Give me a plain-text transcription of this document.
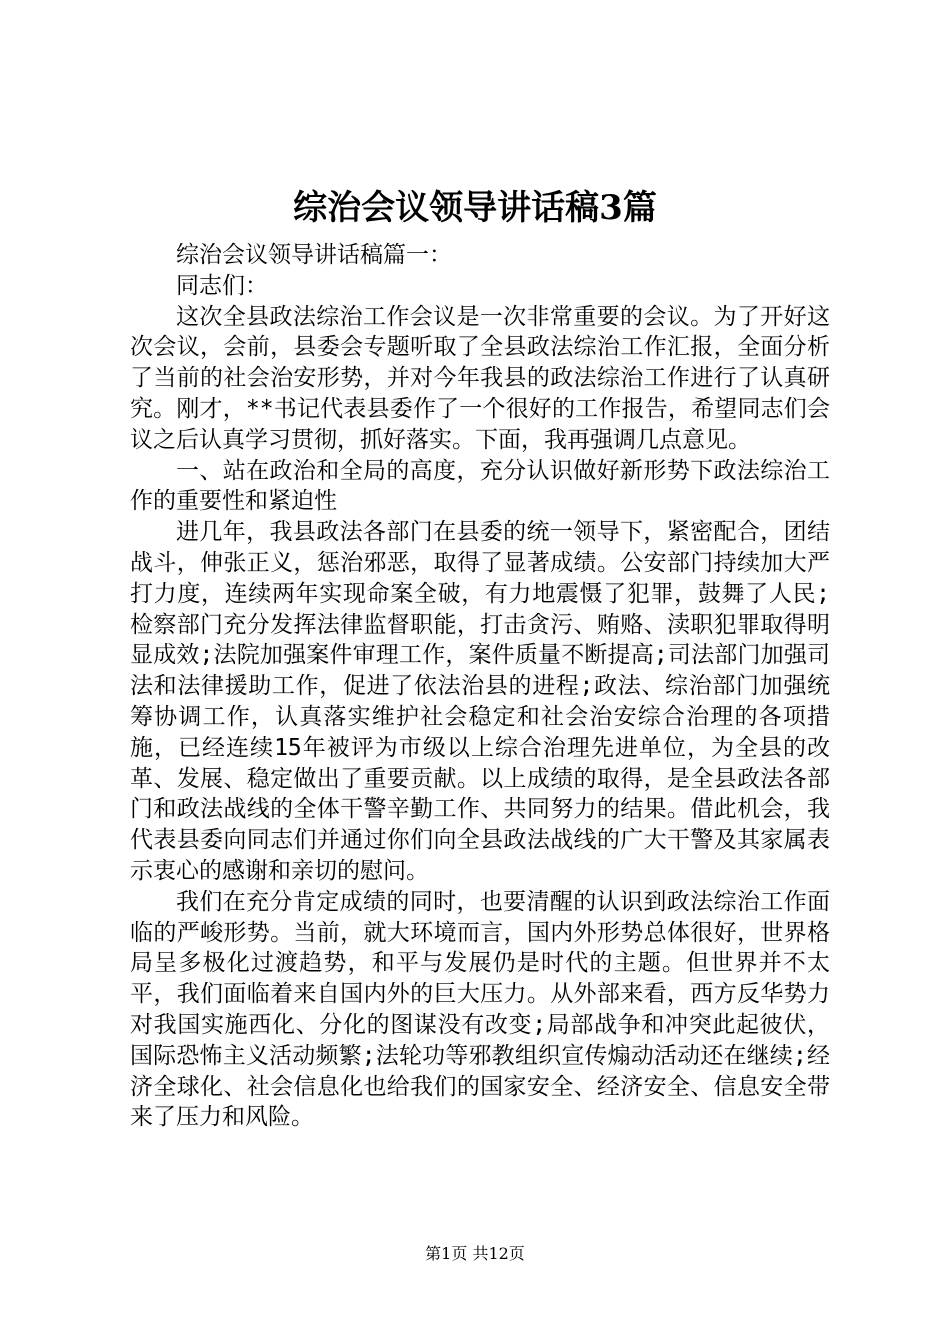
综治会议领导讲话稿3篇

综治会议领导讲话稿篇一：

同志们：

这次全县政法综治工作会议是一次非常重要的会议。为了开好这次会议，会前，县委会专题听取了全县政法综治工作汇报，全面分析了当前的社会治安形势，并对今年我县的政法综治工作进行了认真研究。刚才，**书记代表县委作了一个很好的工作报告，希望同志们会议之后认真学习贯彻，抓好落实。下面，我再强调几点意见。

一、站在政治和全局的高度，充分认识做好新形势下政法综治工作的重要性和紧迫性

进几年，我县政法各部门在县委的统一领导下，紧密配合，团结战斗，伸张正义，惩治邪恶，取得了显著成绩。公安部门持续加大严打力度，连续两年实现命案全破，有力地震慑了犯罪，鼓舞了人民;检察部门充分发挥法律监督职能，打击贪污、贿赂、渎职犯罪取得明显成效;法院加强案件审理工作，案件质量不断提高;司法部门加强司法和法律援助工作，促进了依法治县的进程;政法、综治部门加强统筹协调工作，认真落实维护社会稳定和社会治安综合治理的各项措施，已经连续15年被评为市级以上综合治理先进单位，为全县的改革、发展、稳定做出了重要贡献。以上成绩的取得，是全县政法各部门和政法战线的全体干警辛勤工作、共同努力的结果。借此机会，我代表县委向同志们并通过你们向全县政法战线的广大干警及其家属表示衷心的感谢和亲切的慰问。

我们在充分肯定成绩的同时，也要清醒的认识到政法综治工作面临的严峻形势。当前，就大环境而言，国内外形势总体很好，世界格局呈多极化过渡趋势，和平与发展仍是时代的主题。但世界并不太平，我们面临着来自国内外的巨大压力。从外部来看，西方反华势力对我国实施西化、分化的图谋没有改变;局部战争和冲突此起彼伏，国际恐怖主义活动频繁;法轮功等邪教组织宣传煽动活动还在继续;经济全球化、社会信息化也给我们的国家安全、经济安全、信息安全带来了压力和风险。

第1页 共12页
